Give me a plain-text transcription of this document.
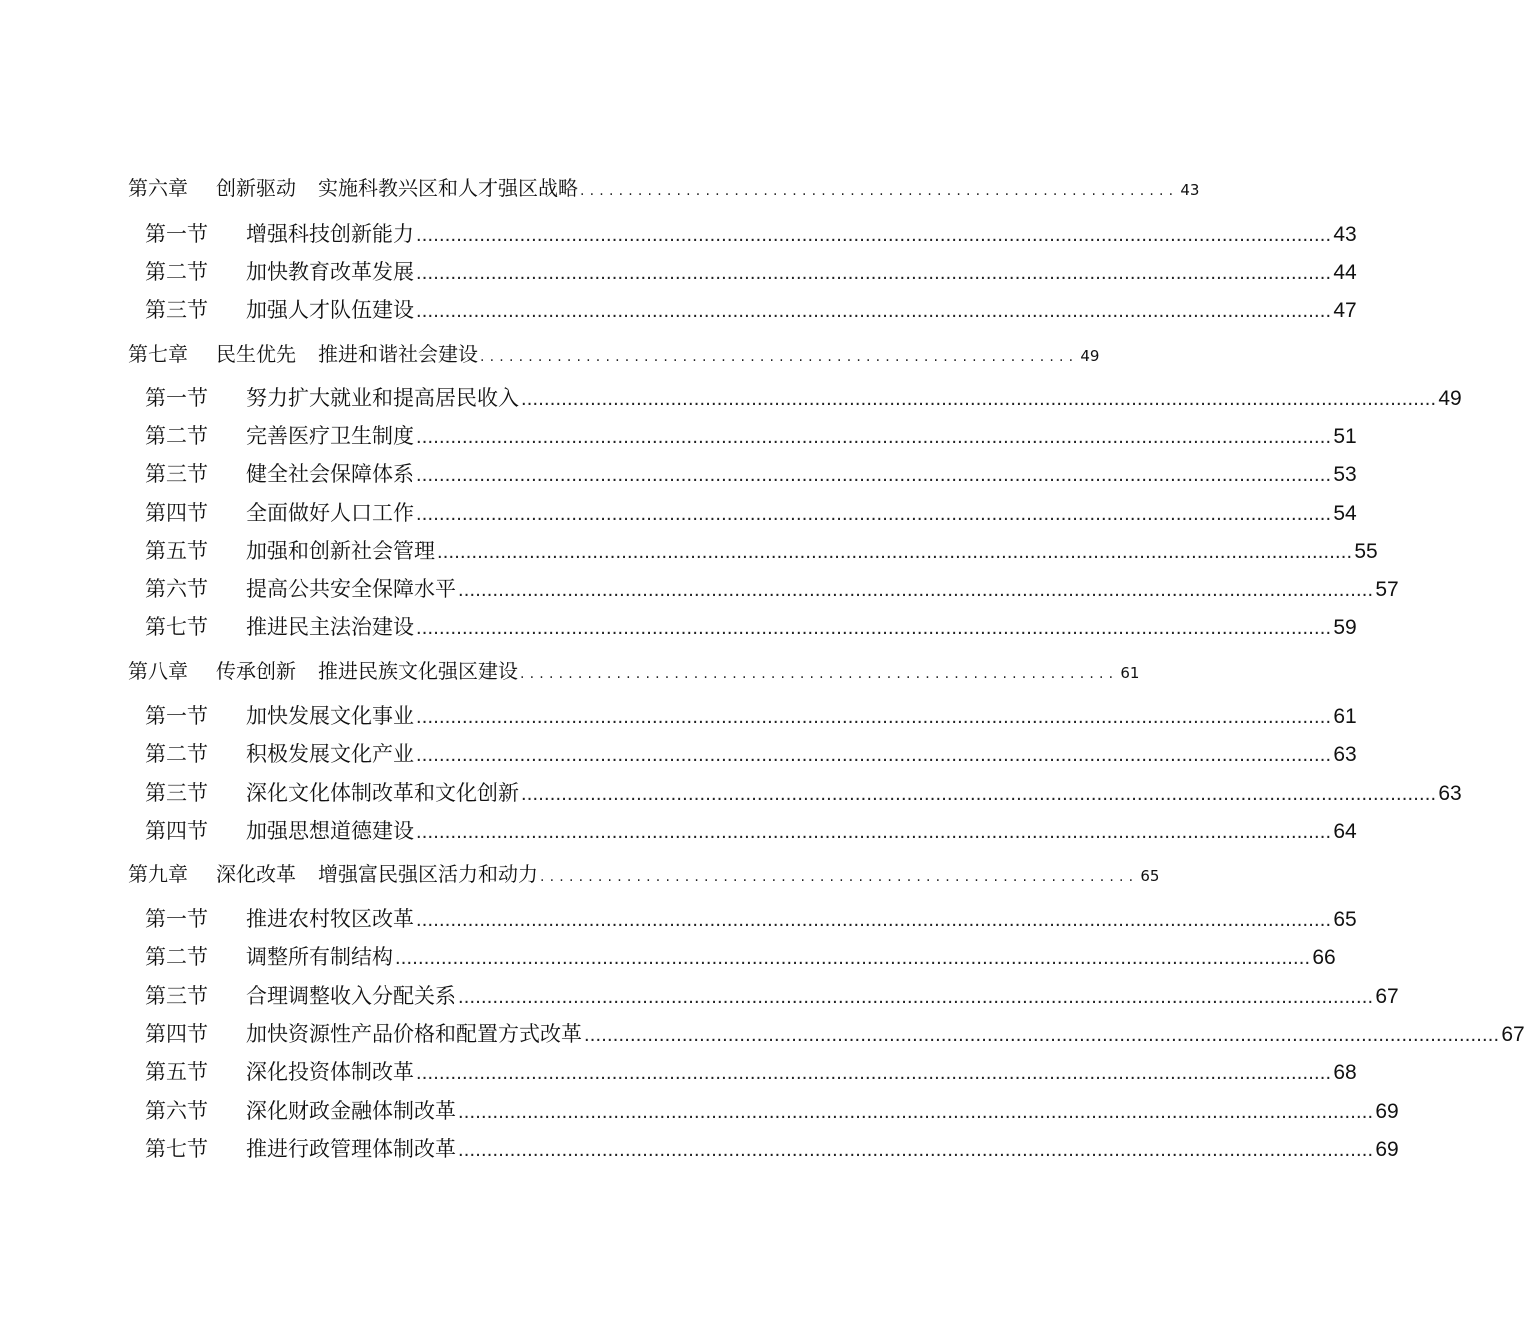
第六章	创新驱动 实施科教兴区和人才强区战略 .............................................................. 43
第一节	增强科技创新能力 ............................................................................................................................................................... 43
第二节	加快教育改革发展 ............................................................................................................................................................... 44
第三节	加强人才队伍建设 ............................................................................................................................................................... 47
第七章	民生优先 推进和谐社会建设 .............................................................. 49
第一节	努力扩大就业和提高居民收入 ............................................................................................................................................................... 49
第二节	完善医疗卫生制度 ............................................................................................................................................................... 51
第三节	健全社会保障体系 ............................................................................................................................................................... 53
第四节	全面做好人口工作 ............................................................................................................................................................... 54
第五节	加强和创新社会管理 ............................................................................................................................................................... 55
第六节	提高公共安全保障水平 ............................................................................................................................................................... 57
第七节	推进民主法治建设 ............................................................................................................................................................... 59
第八章	传承创新 推进民族文化强区建设 .............................................................. 61
第一节	加快发展文化事业 ............................................................................................................................................................... 61
第二节	积极发展文化产业 ............................................................................................................................................................... 63
第三节	深化文化体制改革和文化创新 ............................................................................................................................................................... 63
第四节	加强思想道德建设 ............................................................................................................................................................... 64
第九章	深化改革 增强富民强区活力和动力 .............................................................. 65
第一节	推进农村牧区改革 ............................................................................................................................................................... 65
第二节	调整所有制结构 ............................................................................................................................................................... 66
第三节	合理调整收入分配关系 ............................................................................................................................................................... 67
第四节	加快资源性产品价格和配置方式改革 ............................................................................................................................................................... 67
第五节	深化投资体制改革 ............................................................................................................................................................... 68
第六节	深化财政金融体制改革 ............................................................................................................................................................... 69
第七节	推进行政管理体制改革 ............................................................................................................................................................... 69
